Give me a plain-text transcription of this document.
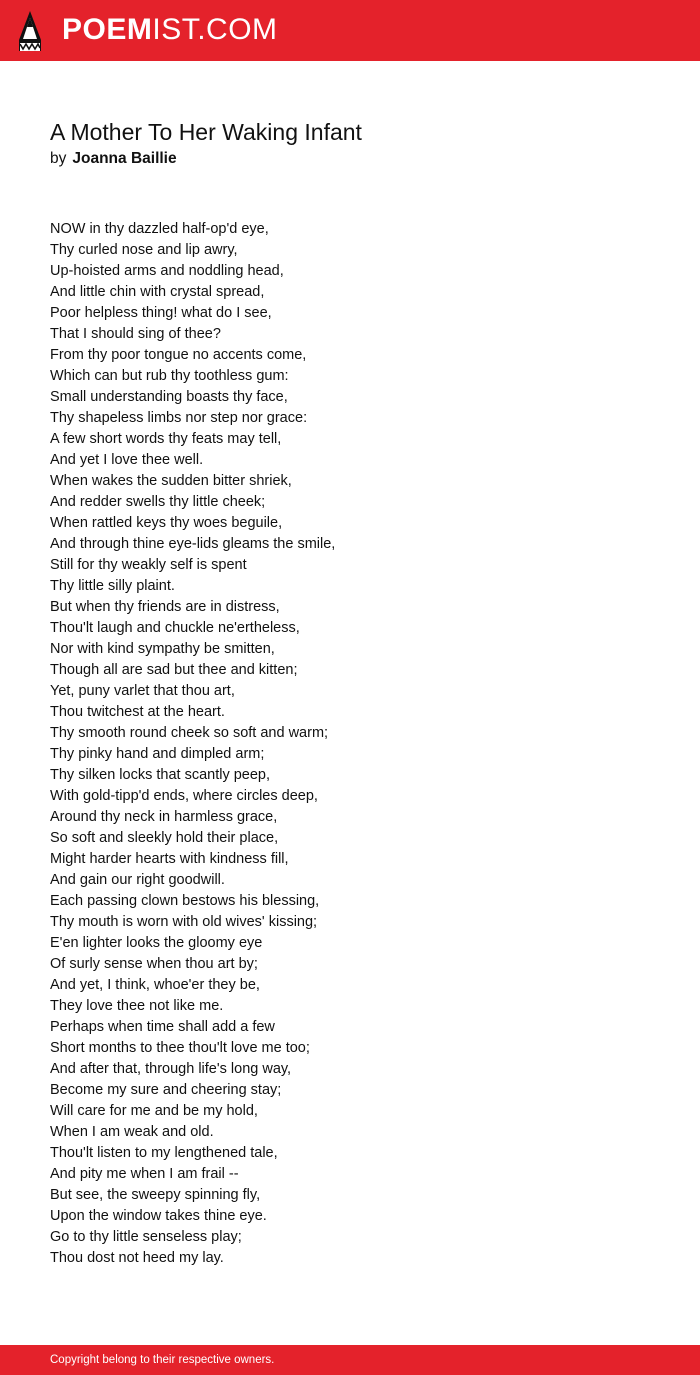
POEMIST.COM
A Mother To Her Waking Infant
by Joanna Baillie
NOW in thy dazzled half-op'd eye,
Thy curled nose and lip awry,
Up-hoisted arms and noddling head,
And little chin with crystal spread,
Poor helpless thing! what do I see,
That I should sing of thee?
From thy poor tongue no accents come,
Which can but rub thy toothless gum:
Small understanding boasts thy face,
Thy shapeless limbs nor step nor grace:
A few short words thy feats may tell,
And yet I love thee well.
When wakes the sudden bitter shriek,
And redder swells thy little cheek;
When rattled keys thy woes beguile,
And through thine eye-lids gleams the smile,
Still for thy weakly self is spent
Thy little silly plaint.
But when thy friends are in distress,
Thou'lt laugh and chuckle ne'ertheless,
Nor with kind sympathy be smitten,
Though all are sad but thee and kitten;
Yet, puny varlet that thou art,
Thou twitchest at the heart.
Thy smooth round cheek so soft and warm;
Thy pinky hand and dimpled arm;
Thy silken locks that scantly peep,
With gold-tipp'd ends, where circles deep,
Around thy neck in harmless grace,
So soft and sleekly hold their place,
Might harder hearts with kindness fill,
And gain our right goodwill.
Each passing clown bestows his blessing,
Thy mouth is worn with old wives' kissing;
E'en lighter looks the gloomy eye
Of surly sense when thou art by;
And yet, I think, whoe'er they be,
They love thee not like me.
Perhaps when time shall add a few
Short months to thee thou'lt love me too;
And after that, through life's long way,
Become my sure and cheering stay;
Will care for me and be my hold,
When I am weak and old.
Thou'lt listen to my lengthened tale,
And pity me when I am frail --
But see, the sweepy spinning fly,
Upon the window takes thine eye.
Go to thy little senseless play;
Thou dost not heed my lay.
Copyright belong to their respective owners.
